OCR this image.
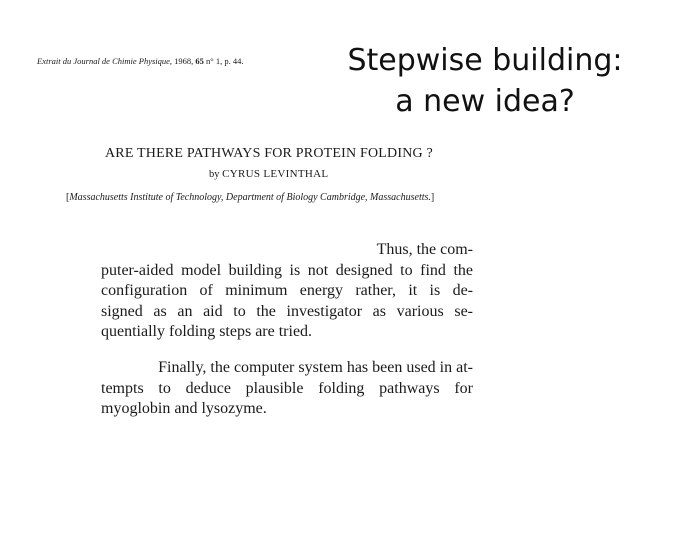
Extrait du Journal de Chimie Physique, 1968, 65 n° 1, p. 44.	Stepwise building:
a new idea?

ARE THERE PATHWAYS FOR PROTEIN FOLDING ?

by CYRUS LEVINTHAL

[Massachusetts Institute of Technology, Department of Biology Cambridge, Massachusetts.]

Thus, the com-
puter-aided model building is not designed to find the
configuration of minimum energy rather, it is de-
signed as an aid to the investigator as various se-
quentially folding steps are tried.
Finally, the computer system has been used in at-
tempts to deduce plausible folding pathways for
myoglobin and lysozyme.
